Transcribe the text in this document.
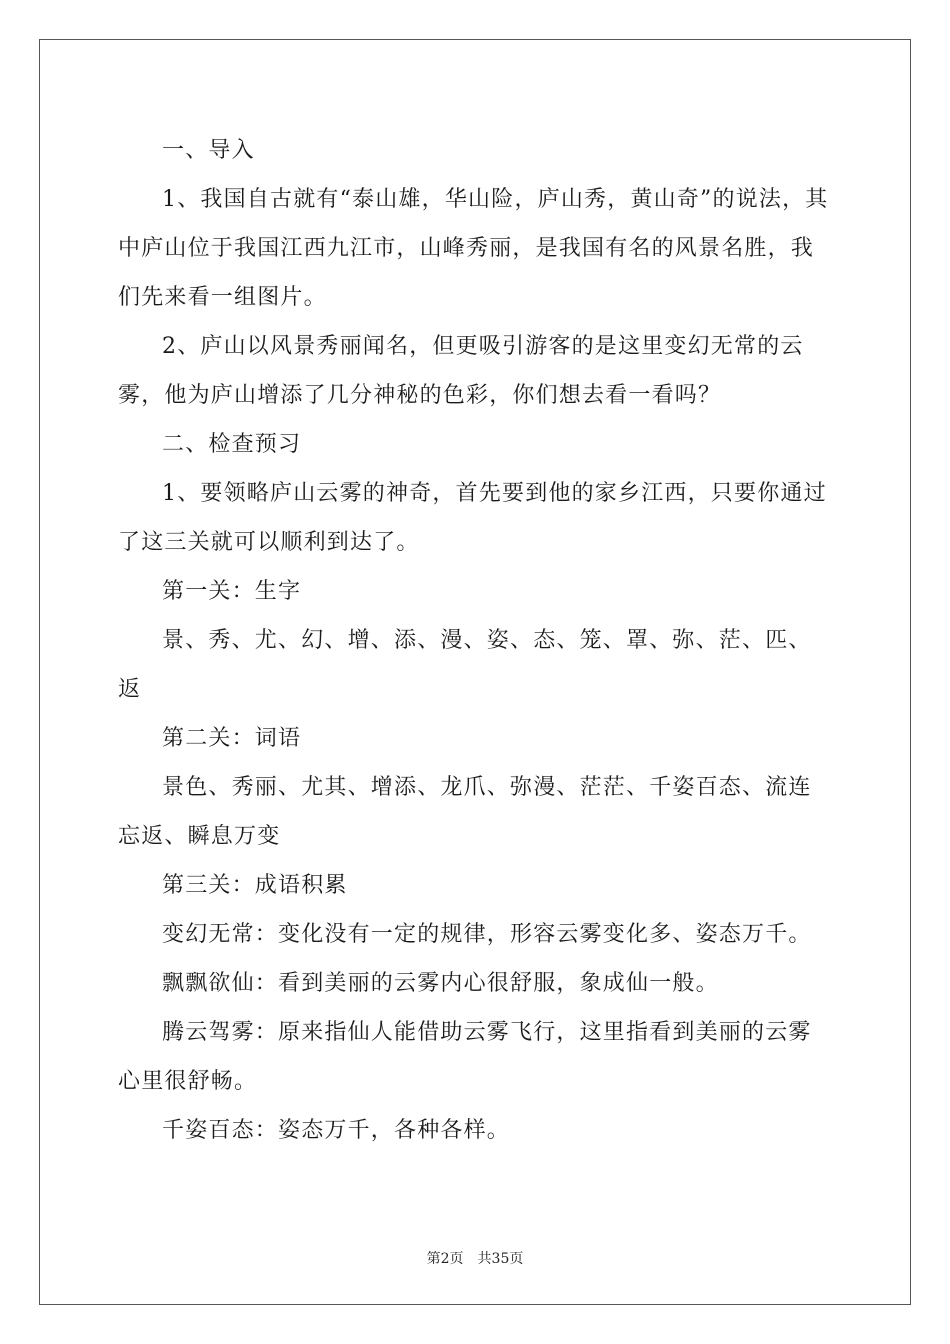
一、导入

1、我国自古就有“泰山雄，华山险，庐山秀，黄山奇”的说法，其中庐山位于我国江西九江市，山峰秀丽，是我国有名的风景名胜，我们先来看一组图片。

2、庐山以风景秀丽闻名，但更吸引游客的是这里变幻无常的云雾，他为庐山增添了几分神秘的色彩，你们想去看一看吗？

二、检查预习

1、要领略庐山云雾的神奇，首先要到他的家乡江西，只要你通过了这三关就可以顺利到达了。

第一关：生字

景、秀、尤、幻、增、添、漫、姿、态、笼、罩、弥、茫、匹、返

第二关：词语

景色、秀丽、尤其、增添、龙爪、弥漫、茫茫、千姿百态、流连忘返、瞬息万变

第三关：成语积累

变幻无常：变化没有一定的规律，形容云雾变化多、姿态万千。

飘飘欲仙：看到美丽的云雾内心很舒服，象成仙一般。

腾云驾雾：原来指仙人能借助云雾飞行，这里指看到美丽的云雾心里很舒畅。

千姿百态：姿态万千，各种各样。

第2页 共35页
